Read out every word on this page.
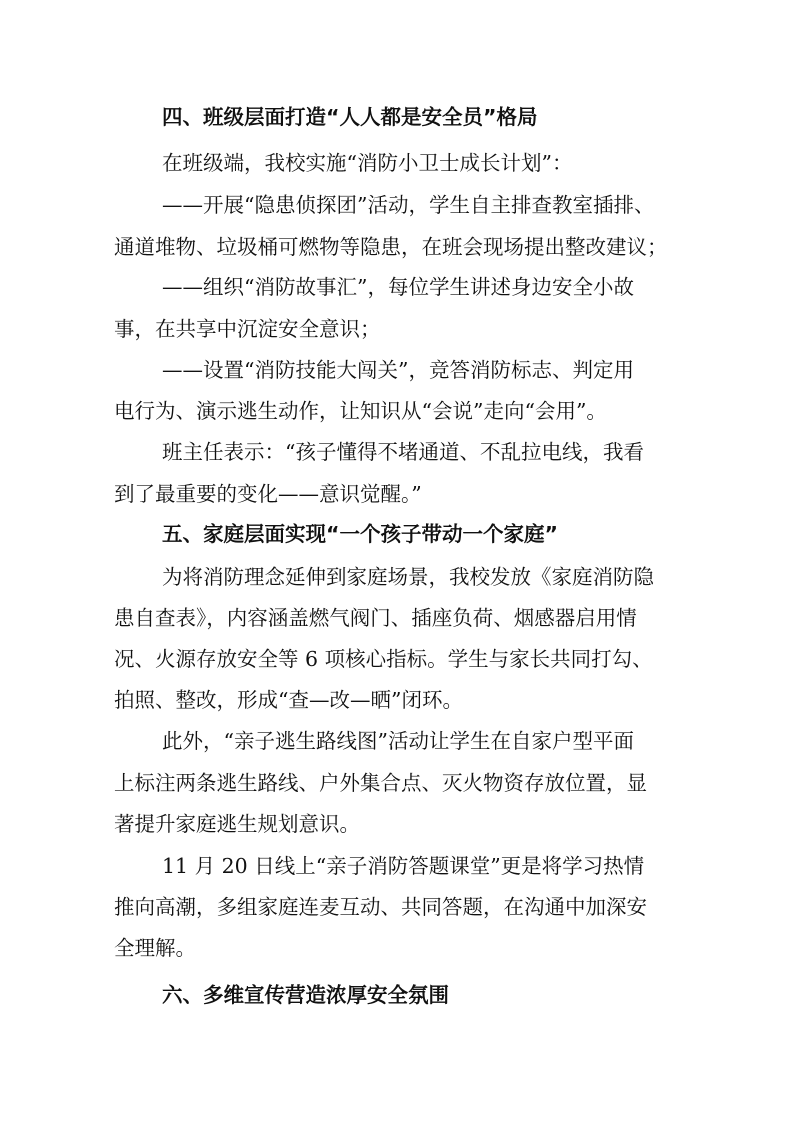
四、班级层面打造“人人都是安全员”格局

在班级端，我校实施“消防小卫士成长计划”：

——开展“隐患侦探团”活动，学生自主排查教室插排、

通道堆物、垃圾桶可燃物等隐患，在班会现场提出整改建议；

——组织“消防故事汇”，每位学生讲述身边安全小故

事，在共享中沉淀安全意识；

——设置“消防技能大闯关”，竞答消防标志、判定用

电行为、演示逃生动作，让知识从“会说”走向“会用”。

班主任表示：“孩子懂得不堵通道、不乱拉电线，我看

到了最重要的变化——意识觉醒。”

五、家庭层面实现“一个孩子带动一个家庭”

为将消防理念延伸到家庭场景，我校发放《家庭消防隐

患自查表》，内容涵盖燃气阀门、插座负荷、烟感器启用情

况、火源存放安全等 6 项核心指标。学生与家长共同打勾、

拍照、整改，形成“查—改—晒”闭环。

此外，“亲子逃生路线图”活动让学生在自家户型平面

上标注两条逃生路线、户外集合点、灭火物资存放位置，显

著提升家庭逃生规划意识。

11 月 20 日线上“亲子消防答题课堂”更是将学习热情

推向高潮，多组家庭连麦互动、共同答题，在沟通中加深安

全理解。

六、多维宣传营造浓厚安全氛围
